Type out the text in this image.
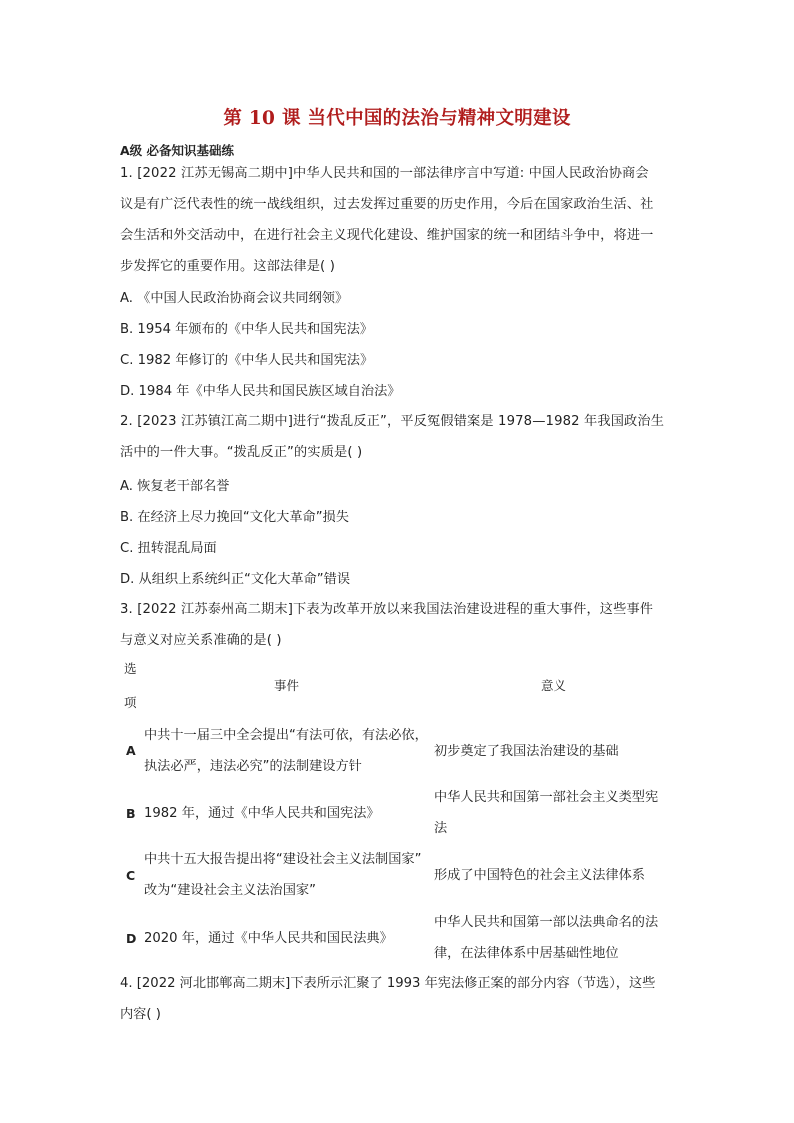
第 10 课 当代中国的法治与精神文明建设
A级 必备知识基础练
1. [2022 江苏无锡高二期中]中华人民共和国的一部法律序言中写道: 中国人民政治协商会
议是有广泛代表性的统一战线组织，过去发挥过重要的历史作用，今后在国家政治生活、社
会生活和外交活动中，在进行社会主义现代化建设、维护国家的统一和团结斗争中，将进一
步发挥它的重要作用。这部法律是( )
A. 《中国人民政治协商会议共同纲领》
B. 1954 年颁布的《中华人民共和国宪法》
C. 1982 年修订的《中华人民共和国宪法》
D. 1984 年《中华人民共和国民族区域自治法》
2. [2023 江苏镇江高二期中]进行“拨乱反正”，平反冤假错案是 1978—1982 年我国政治生
活中的一件大事。“拨乱反正”的实质是( )
A. 恢复老干部名誉
B. 在经济上尽力挽回“文化大革命”损失
C. 扭转混乱局面
D. 从组织上系统纠正“文化大革命”错误
3. [2022 江苏泰州高二期末]下表为改革开放以来我国法治建设进程的重大事件，这些事件
与意义对应关系准确的是( )
选
项
事件	意义
A
中共十一届三中全会提出“有法可依，有法必依，
执法必严，违法必究”的法制建设方针
初步奠定了我国法治建设的基础
B 1982 年，通过《中华人民共和国宪法》
中华人民共和国第一部社会主义类型宪
法
C
中共十五大报告提出将“建设社会主义法制国家”
改为“建设社会主义法治国家”
形成了中国特色的社会主义法律体系
D 2020 年，通过《中华人民共和国民法典》
中华人民共和国第一部以法典命名的法
律，在法律体系中居基础性地位
4. [2022 河北邯郸高二期末]下表所示汇聚了 1993 年宪法修正案的部分内容（节选），这些
内容( )
